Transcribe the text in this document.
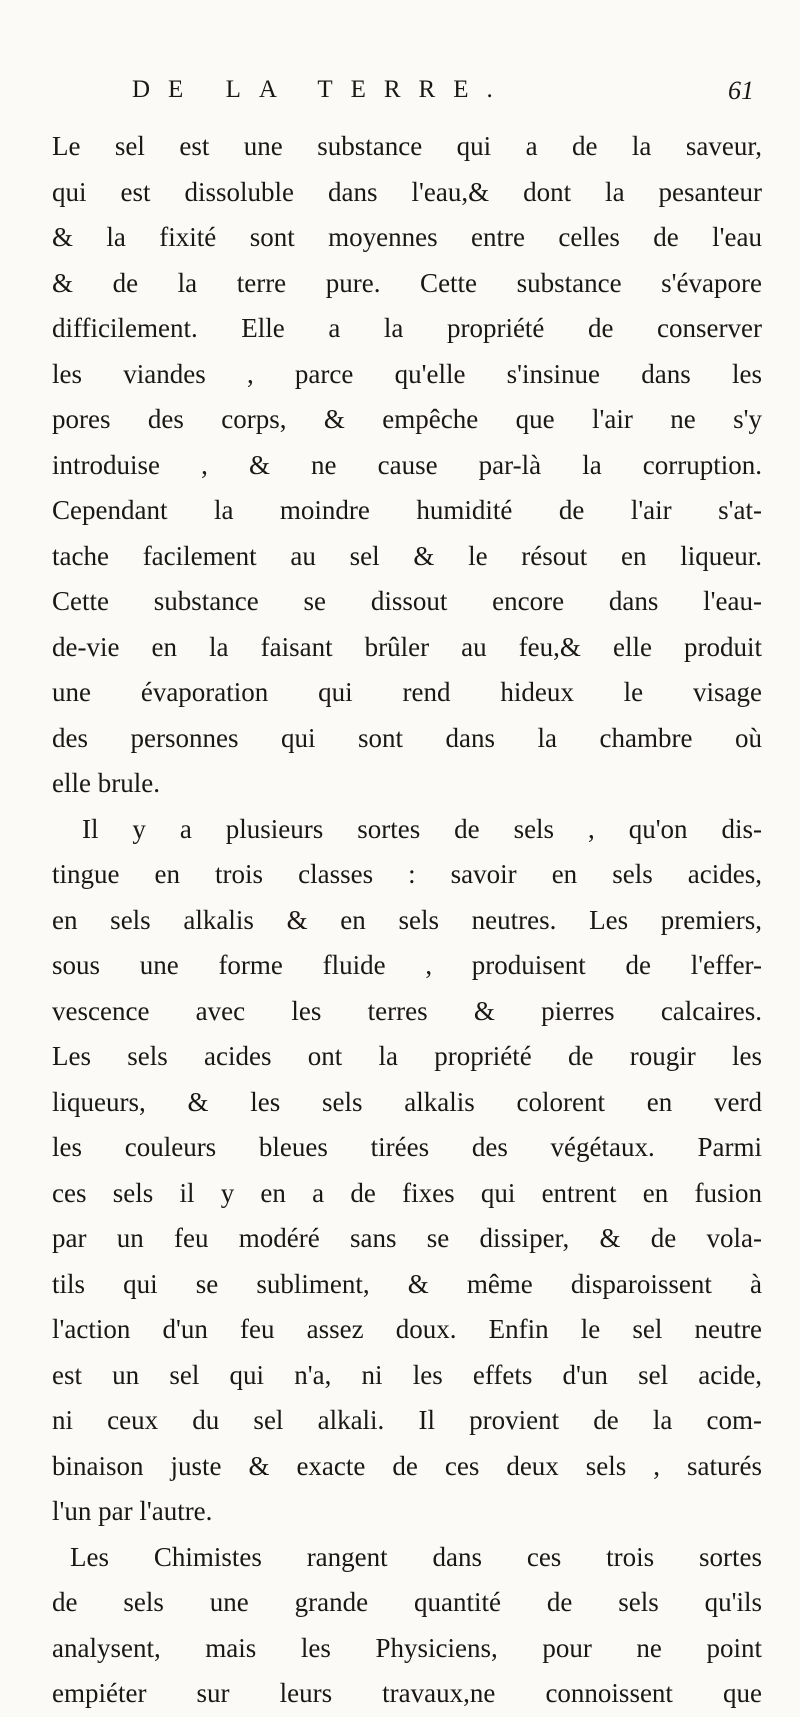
DE LA TERRE.	61
Le sel est une substance qui a de la saveur,
qui est dissoluble dans l'eau,& dont la pesanteur
& la fixité sont moyennes entre celles de l'eau
& de la terre pure. Cette substance s'évapore
difficilement. Elle a la propriété de conserver
les viandes , parce qu'elle s'insinue dans les
pores des corps, & empêche que l'air ne s'y
introduise , & ne cause par-là la corruption.
Cependant la moindre humidité de l'air s'at-
tache facilement au sel & le résout en liqueur.
Cette substance se dissout encore dans l'eau-
de-vie en la faisant brûler au feu,& elle produit
une évaporation qui rend hideux le visage
des personnes qui sont dans la chambre où
elle brule.
Il y a plusieurs sortes de sels , qu'on dis-
tingue en trois classes : savoir en sels acides,
en sels alkalis & en sels neutres. Les premiers,
sous une forme fluide , produisent de l'effer-
vescence avec les terres & pierres calcaires.
Les sels acides ont la propriété de rougir les
liqueurs, & les sels alkalis colorent en verd
les couleurs bleues tirées des végétaux. Parmi
ces sels il y en a de fixes qui entrent en fusion
par un feu modéré sans se dissiper, & de vola-
tils qui se subliment, & même disparoissent à
l'action d'un feu assez doux. Enfin le sel neutre
est un sel qui n'a, ni les effets d'un sel acide,
ni ceux du sel alkali. Il provient de la com-
binaison juste & exacte de ces deux sels , saturés
l'un par l'autre.
Les Chimistes rangent dans ces trois sortes
de sels une grande quantité de sels qu'ils
analysent, mais les Physiciens, pour ne point
empiéter sur leurs travaux,ne connoissent que
